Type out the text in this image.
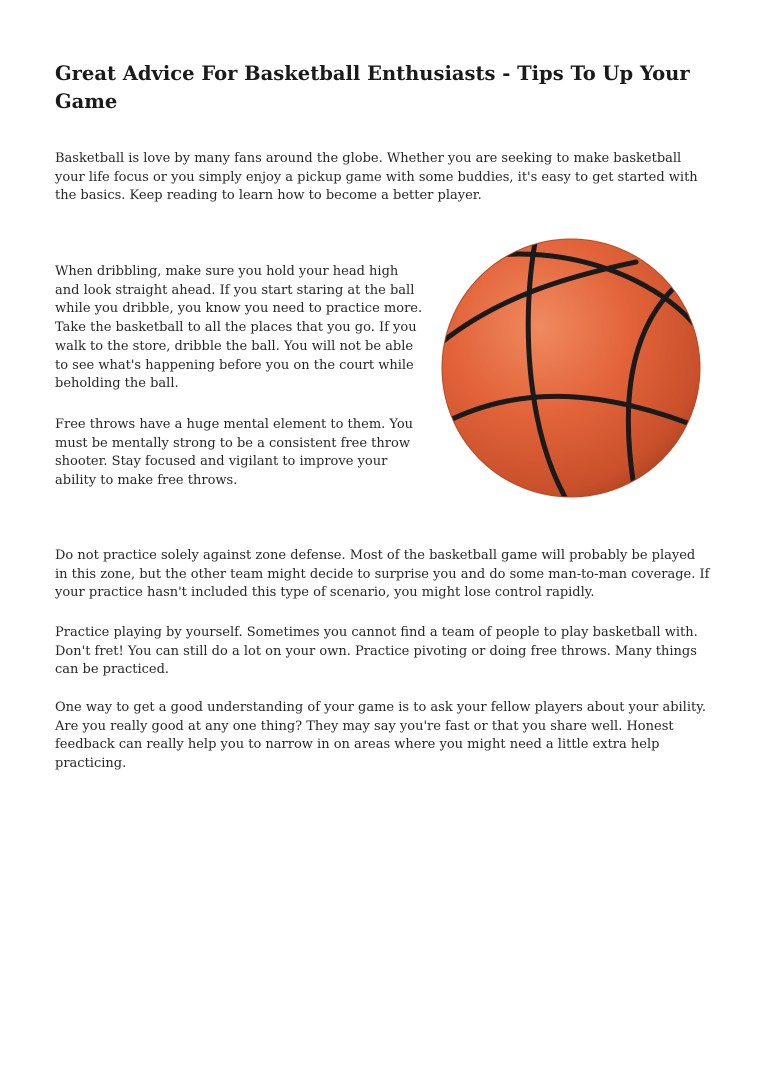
Great Advice For Basketball Enthusiasts - Tips To Up Your Game

Basketball is love by many fans around the globe. Whether you are seeking to make basketball your life focus or you simply enjoy a pickup game with some buddies, it's easy to get started with the basics. Keep reading to learn how to become a better player.

When dribbling, make sure you hold your head high and look straight ahead. If you start staring at the ball while you dribble, you know you need to practice more. Take the basketball to all the places that you go. If you walk to the store, dribble the ball. You will not be able to see what's happening before you on the court while beholding the ball.

Free throws have a huge mental element to them. You must be mentally strong to be a consistent free throw shooter. Stay focused and vigilant to improve your ability to make free throws.

Do not practice solely against zone defense. Most of the basketball game will probably be played in this zone, but the other team might decide to surprise you and do some man-to-man coverage. If your practice hasn't included this type of scenario, you might lose control rapidly.

Practice playing by yourself. Sometimes you cannot find a team of people to play basketball with. Don't fret! You can still do a lot on your own. Practice pivoting or doing free throws. Many things can be practiced.

One way to get a good understanding of your game is to ask your fellow players about your ability. Are you really good at any one thing? They may say you're fast or that you share well. Honest feedback can really help you to narrow in on areas where you might need a little extra help practicing.
